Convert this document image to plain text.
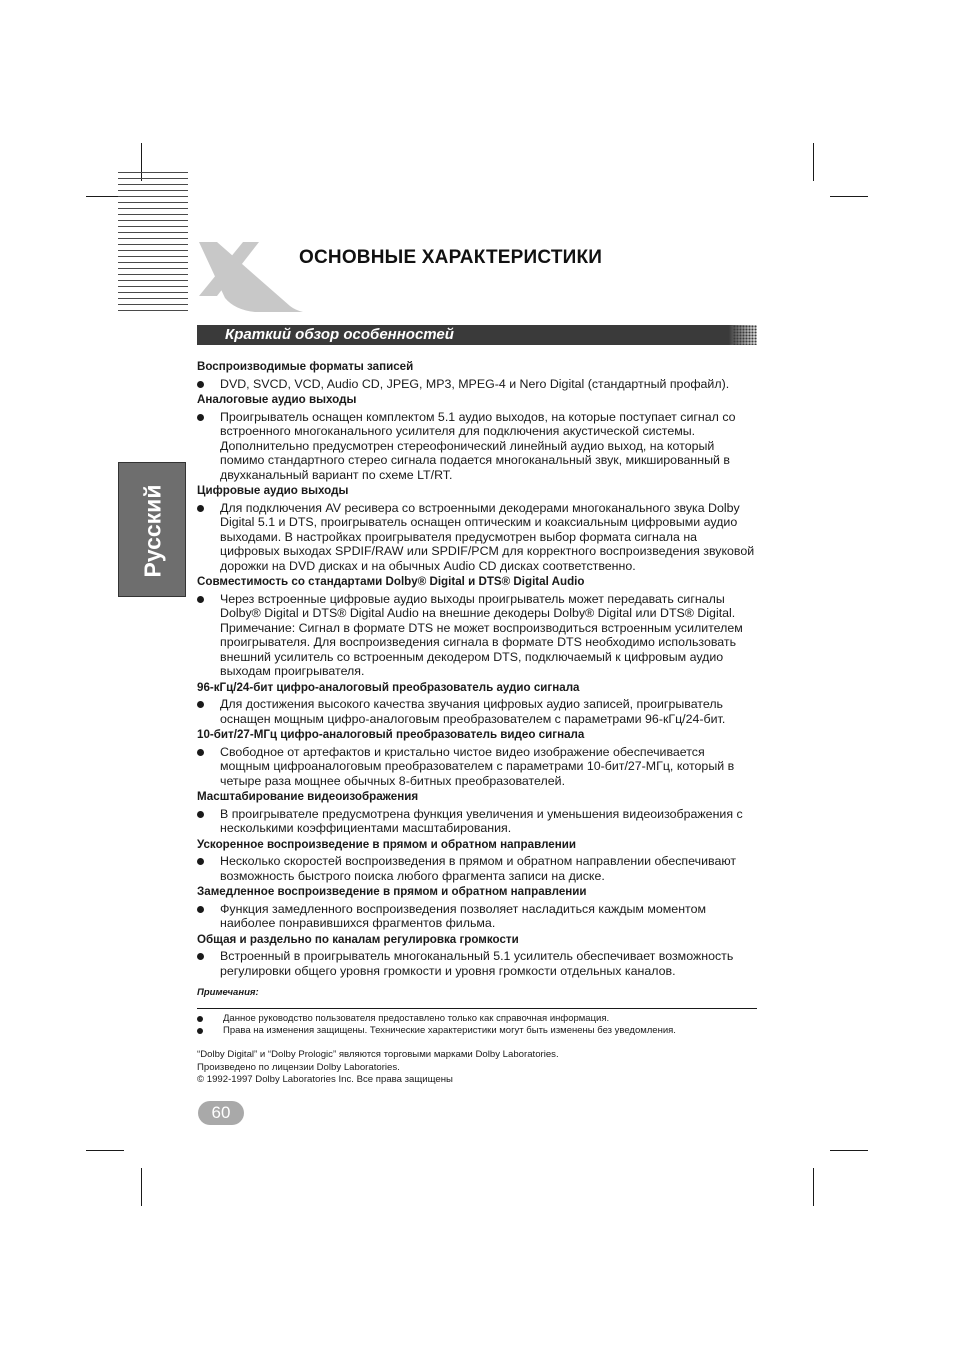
ОСНОВНЫЕ ХАРАКТЕРИСТИКИ
Краткий обзор особенностей
Русский

Воспроизводимые форматы записей

DVD, SVCD, VCD, Audio CD, JPEG, MP3, MPEG-4 и Nero Digital (стандартный профайл).

Аналоговые аудио выходы

Проигрыватель оснащен комплектом 5.1 аудио выходов, на которые поступает сигнал со встроенного многоканального усилителя для подключения акустической системы. Дополнительно предусмотрен стереофонический линейный аудио выход, на который помимо стандартного стерео сигнала подается многоканальный звук, микшированный в двухканальный вариант по схеме LT/RT.

Цифровые аудио выходы

Для подключения AV ресивера со встроенными декодерами многоканального звука Dolby Digital 5.1 и DTS, проигрыватель оснащен оптическим и коаксиальным цифровыми аудио выходами. В настройках проигрывателя предусмотрен выбор формата сигнала на цифровых выходах SPDIF/RAW или SPDIF/PCM для корректного воспроизведения звуковой дорожки на DVD дисках и на обычных Audio CD дисках соответственно.

Совместимость со стандартами Dolby® Digital и DTS® Digital Audio

Через встроенные цифровые аудио выходы проигрыватель может передавать сигналы Dolby® Digital и DTS® Digital Audio на внешние декодеры Dolby® Digital или DTS® Digital. Примечание: Сигнал в формате DTS не может воспроизводиться встроенным усилителем проигрывателя. Для воспроизведения сигнала в формате DTS необходимо использовать внешний усилитель со встроенным декодером DTS, подключаемый к цифровым аудио выходам проигрывателя.

96-кГц/24-бит цифро-аналоговый преобразователь аудио сигнала

Для достижения высокого качества звучания цифровых аудио записей, проигрыватель оснащен мощным цифро-аналоговым преобразователем с параметрами 96-кГц/24-бит.

10-бит/27-МГц цифро-аналоговый преобразователь видео сигнала

Свободное от артефактов и кристально чистое видео изображение обеспечивается мощным цифроаналоговым преобразователем с параметрами 10-бит/27-МГц, который в четыре раза мощнее обычных 8-битных преобразователей.

Масштабирование видеоизображения

В проигрывателе предусмотрена функция увеличения и уменьшения видеоизображения с несколькими коэффициентами масштабирования.

Ускоренное воспроизведение в прямом и обратном направлении

Несколько скоростей воспроизведения в прямом и обратном направлении обеспечивают возможность быстрого поиска любого фрагмента записи на диске.

Замедленное воспроизведение в прямом и обратном направлении

Функция замедленного воспроизведения позволяет насладиться каждым моментом наиболее понравившихся фрагментов фильма.

Общая и раздельно по каналам регулировка громкости

Встроенный в проигрыватель многоканальный 5.1 усилитель обеспечивает возможность регулировки общего уровня громкости и уровня громкости отдельных каналов.

Примечания:

Данное руководство пользователя предоставлено только как справочная информация.

Права на изменения защищены. Технические характеристики могут быть изменены без уведомления.

“Dolby Digital” и “Dolby Prologic” являются торговыми марками Dolby Laboratories.
Произведено по лицензии Dolby Laboratories.
© 1992-1997 Dolby Laboratories Inc. Все права защищены
60
